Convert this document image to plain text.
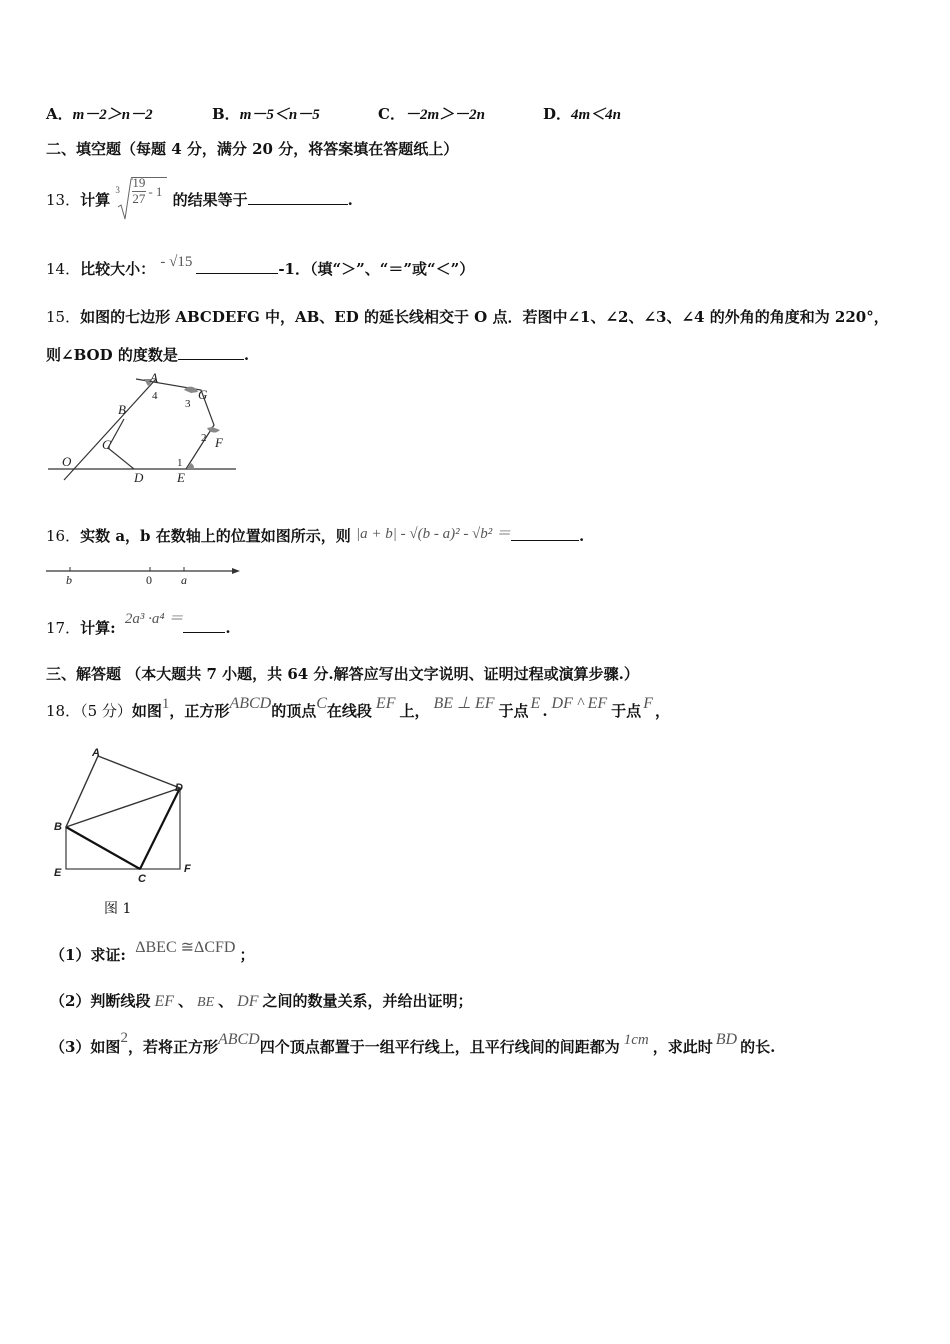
A．m－2＞n－2	B．m－5＜n－5	C．－2m＞－2n	D．4m＜4n
二、填空题（每题 4 分，满分 20 分，将答案填在答题纸上）
13．计算
3 19
27 - 1 的结果等于	.
14．比较大小： - √15	-1．（填“＞”、“＝”或“＜”）
15．如图的七边形 ABCDEFG 中，AB、ED 的延长线相交于 O 点．若图中∠1、∠2、∠3、∠4 的外角的角度和为 220°，
则∠BOD 的度数是	.
A
B
C
D	E
F
G
O	1
2
3
4
16．实数 a，b 在数轴上的位置如图所示，则 |a + b| - √(b - a)² - √b² ＝	.
b	0 a
17．计算: 2a³ ·a⁴ ＝	.
三、解答题 （本大题共 7 小题，共 64 分.解答应写出文字说明、证明过程或演算步骤.）
18．（5 分）如图1，正方形ABCD的顶点C在线段 EF 上， BE ⊥ EF 于点 E . DF ^ EF 于点 F ，
A
B
C
D
E	F
图 1
（1）求证: ΔBEC ≅ΔCFD ；
（2）判断线段 EF 、 BE 、 DF 之间的数量关系，并给出证明；
（3）如图2，若将正方形ABCD四个顶点都置于一组平行线上，且平行线间的间距都为 1cm ，求此时 BD 的长.
